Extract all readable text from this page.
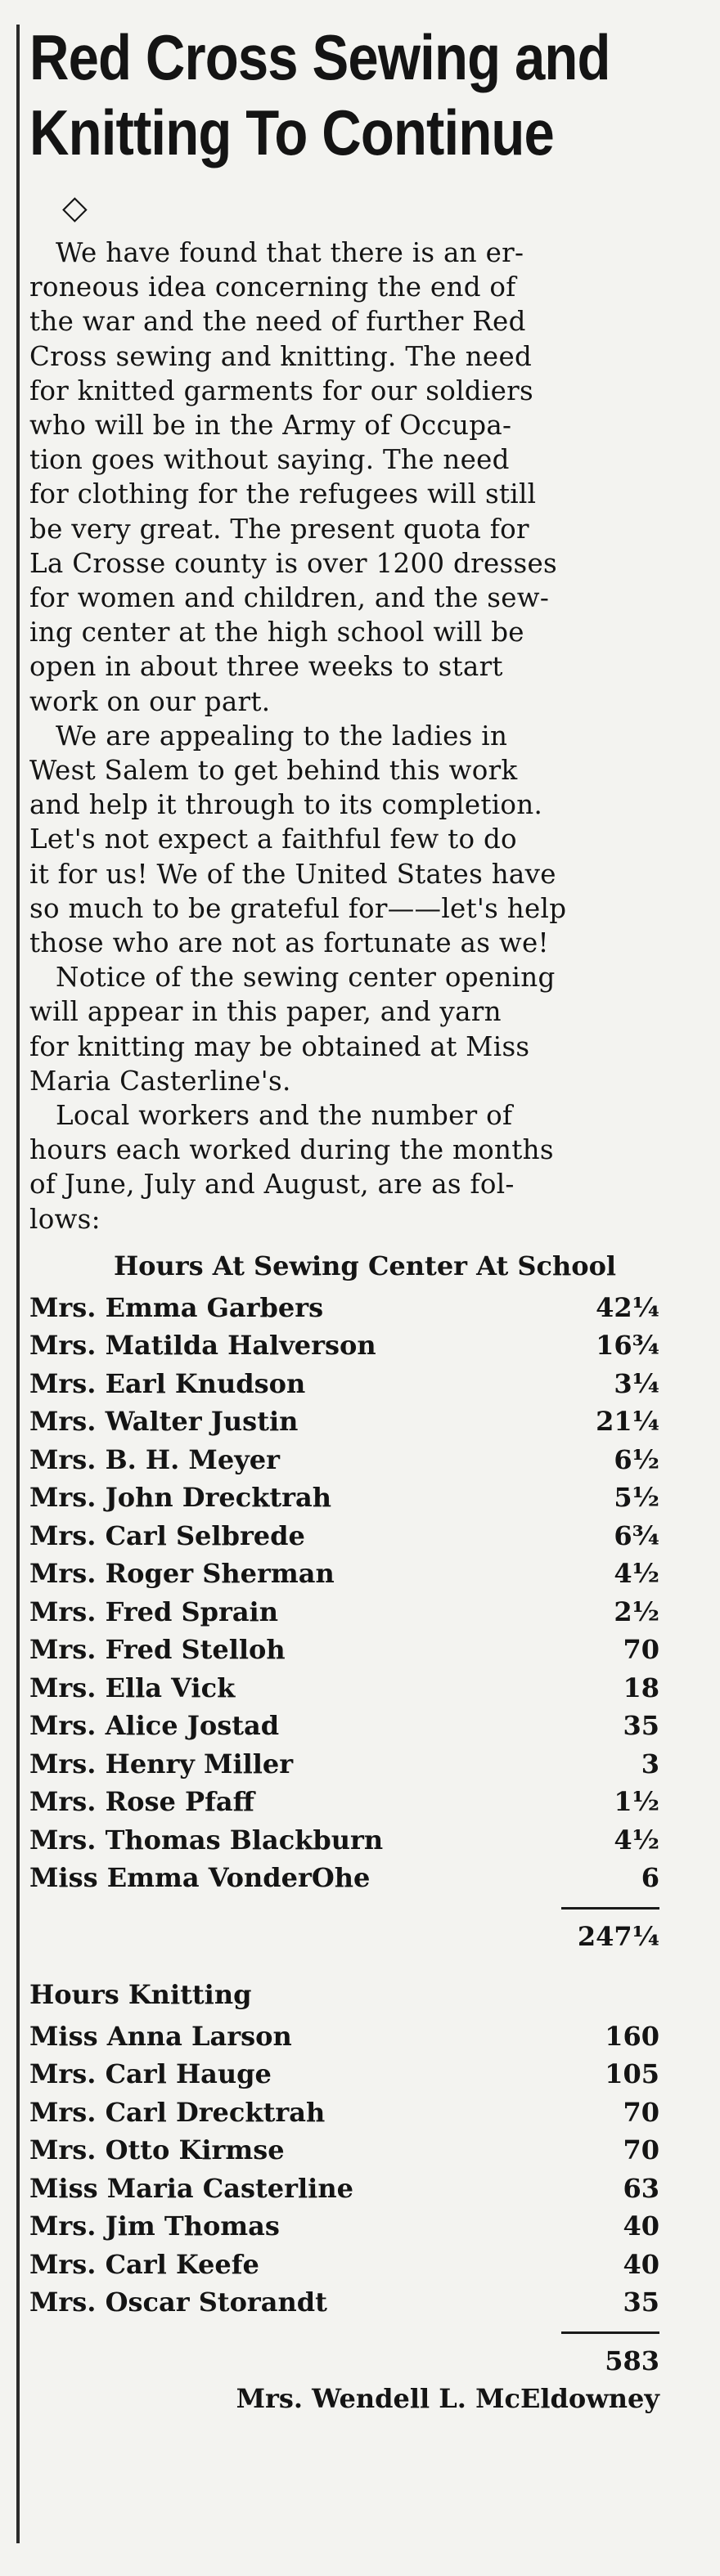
Red Cross Sewing and Knitting To Continue
◇

We have found that there is an er-
roneous idea concerning the end of
the war and the need of further Red
Cross sewing and knitting. The need
for knitted garments for our soldiers
who will be in the Army of Occupa-
tion goes without saying. The need
for clothing for the refugees will still
be very great. The present quota for
La Crosse county is over 1200 dresses
for women and children, and the sew-
ing center at the high school will be
open in about three weeks to start
work on our part.

We are appealing to the ladies in
West Salem to get behind this work
and help it through to its completion.
Let's not expect a faithful few to do
it for us! We of the United States have
so much to be grateful for——let's help
those who are not as fortunate as we!

Notice of the sewing center opening
will appear in this paper, and yarn
for knitting may be obtained at Miss
Maria Casterline's.

Local workers and the number of
hours each worked during the months
of June, July and August, are as fol-
lows:

Hours At Sewing Center At School
Mrs. Emma Garbers	42¼
Mrs. Matilda Halverson	16¾
Mrs. Earl Knudson	3¼
Mrs. Walter Justin	21¼
Mrs. B. H. Meyer	6½
Mrs. John Drecktrah	5½
Mrs. Carl Selbrede	6¾
Mrs. Roger Sherman	4½
Mrs. Fred Sprain	2½
Mrs. Fred Stelloh	70
Mrs. Ella Vick	18
Mrs. Alice Jostad	35
Mrs. Henry Miller	3
Mrs. Rose Pfaff	1½
Mrs. Thomas Blackburn	4½
Miss Emma VonderOhe	6
247¼
Hours Knitting
Miss Anna Larson	160
Mrs. Carl Hauge	105
Mrs. Carl Drecktrah	70
Mrs. Otto Kirmse	70
Miss Maria Casterline	63
Mrs. Jim Thomas	40
Mrs. Carl Keefe	40
Mrs. Oscar Storandt	35
583
Mrs. Wendell L. McEldowney
